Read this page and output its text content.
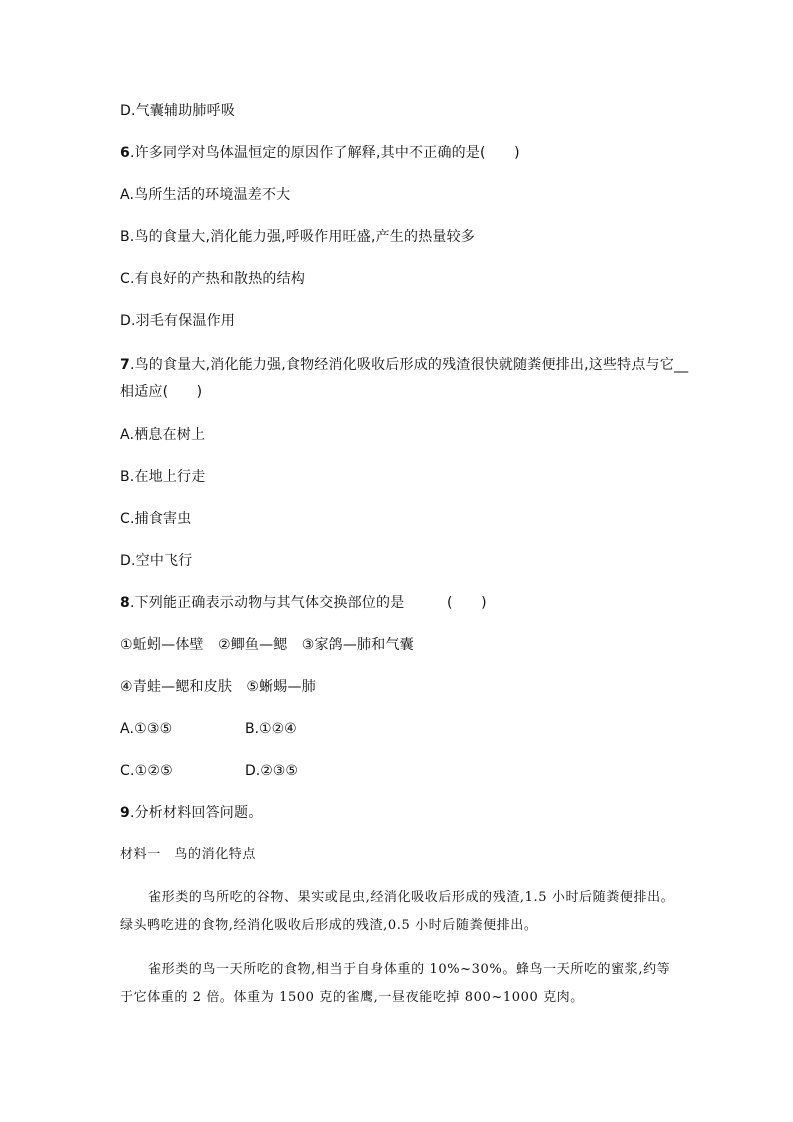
D.气囊辅助肺呼吸
6.许多同学对鸟体温恒定的原因作了解释,其中不正确的是(　　)
A.鸟所生活的环境温差不大
B.鸟的食量大,消化能力强,呼吸作用旺盛,产生的热量较多
C.有良好的产热和散热的结构
D.羽毛有保温作用
7.鸟的食量大,消化能力强,食物经消化吸收后形成的残渣很快就随粪便排出,这些特点与它__
相适应(　　)
A.栖息在树上
B.在地上行走
C.捕食害虫
D.空中飞行
8.下列能正确表示动物与其气体交换部位的是　　　(　　)
①蚯蚓—体壁　②鲫鱼—鳃　③家鸽—肺和气囊
④青蛙—鳃和皮肤　⑤蜥蜴—肺
A.①③⑤	B.①②④
C.①②⑤	D.②③⑤
9.分析材料回答问题。
材料一　鸟的消化特点
雀形类的鸟所吃的谷物、果实或昆虫,经消化吸收后形成的残渣,1.5 小时后随粪便排出。绿头鸭吃进的食物,经消化吸收后形成的残渣,0.5 小时后随粪便排出。
雀形类的鸟一天所吃的食物,相当于自身体重的 10%~30%。蜂鸟一天所吃的蜜浆,约等于它体重的 2 倍。体重为 1500 克的雀鹰,一昼夜能吃掉 800~1000 克肉。
